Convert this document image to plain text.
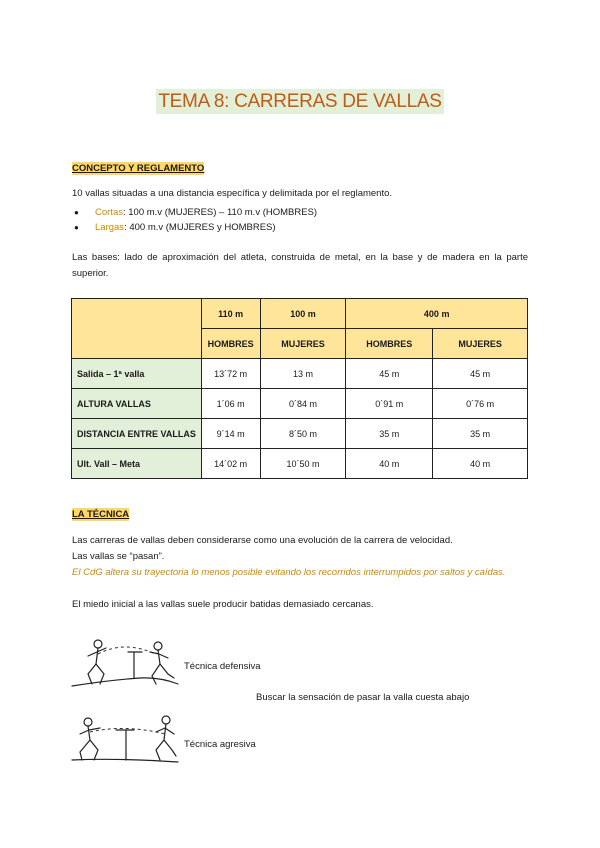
TEMA 8: CARRERAS DE VALLAS
CONCEPTO Y REGLAMENTO
10 vallas situadas a una distancia específica y delimitada por el reglamento.
● Cortas: 100 m.v (MUJERES) – 110 m.v (HOMBRES)
● Largas: 400 m.v (MUJERES y HOMBRES)
Las bases: lado de aproximación del atleta, construida de metal, en la base y de madera en la parte superior.
	110 m	100 m	400 m	
	HOMBRES	MUJERES	HOMBRES	MUJERES
Salida – 1ª valla	13´72 m	13 m	45 m	45 m
ALTURA VALLAS	1´06 m	0´84 m	0´91 m	0´76 m
DISTANCIA ENTRE VALLAS	9´14 m	8´50 m	35 m	35 m
Ult. Vall – Meta	14´02 m	10´50 m	40 m	40 m
LA TÉCNICA
Las carreras de vallas deben considerarse como una evolución de la carrera de velocidad.
Las vallas se “pasan”.
El CdG altera su trayectoria lo menos posible evitando los recorridos interrumpidos por saltos y caídas.
El miedo inicial a las vallas suele producir batidas demasiado cercanas.
Técnica defensiva
Buscar la sensación de pasar la valla cuesta abajo
Técnica agresiva
